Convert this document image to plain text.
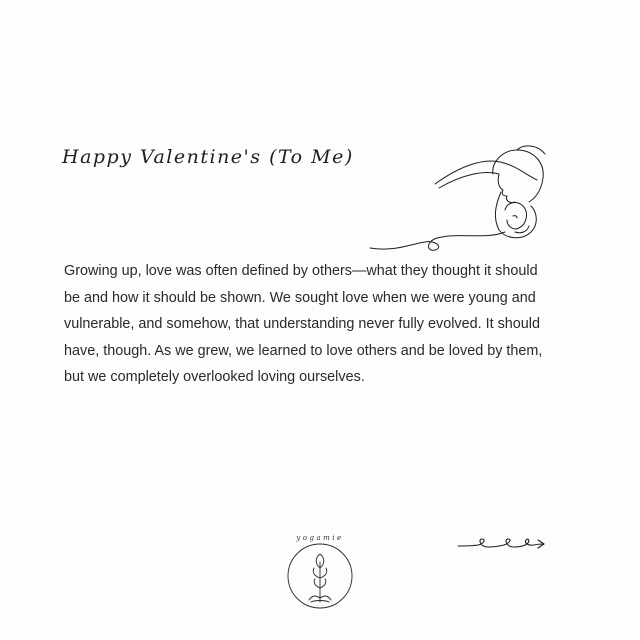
Happy Valentine's (To Me)

Growing up, love was often defined by others—what they thought it should be and how it should be shown. We sought love when we were young and vulnerable, and somehow, that understanding never fully evolved. It should have, though. As we grew, we learned to love others and be loved by them, but we completely overlooked loving ourselves.

yogamie
